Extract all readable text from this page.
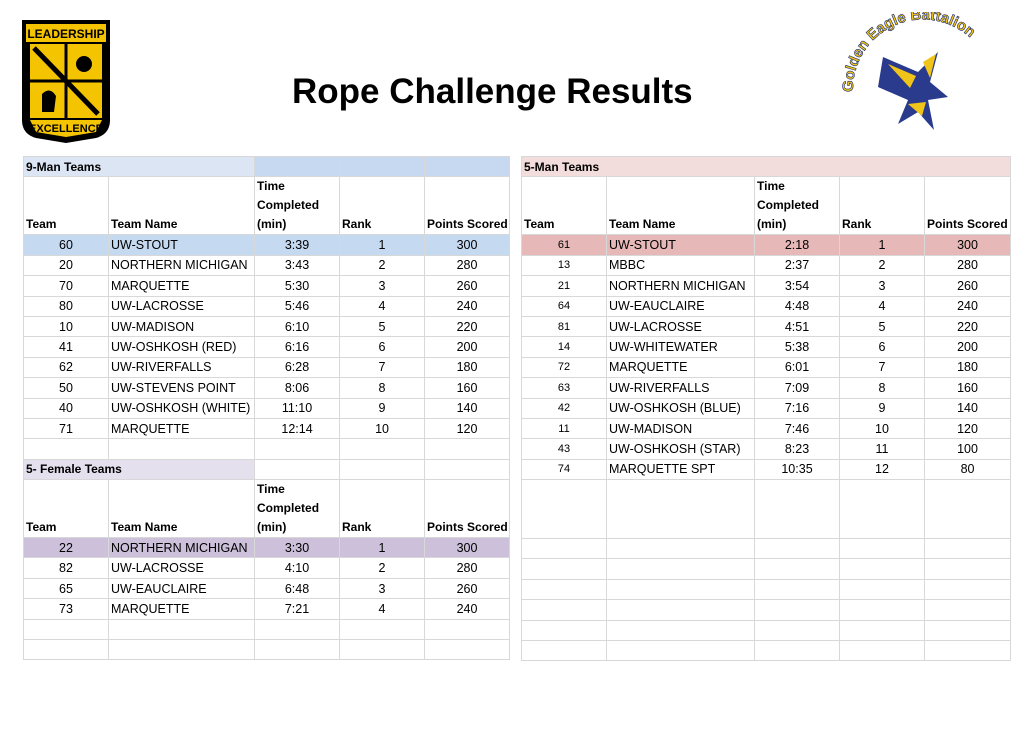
LEADERSHIP
EXCELLENCE
Golden Eagle Battalion
Rope Challenge Results
9-Man Teams				
Team	Team Name	Time
Completed
(min)	Rank	Points Scored
60	UW-STOUT	3:39	1	300
20	NORTHERN MICHIGAN	3:43	2	280
70	MARQUETTE	5:30	3	260
80	UW-LACROSSE	5:46	4	240
10	UW-MADISON	6:10	5	220
41	UW-OSHKOSH (RED)	6:16	6	200
62	UW-RIVERFALLS	6:28	7	180
50	UW-STEVENS POINT	8:06	8	160
40	UW-OSHKOSH (WHITE)	11:10	9	140
71	MARQUETTE	12:14	10	120

5- Female Teams				
Team	Team Name	Time
Completed
(min)	Rank	Points Scored
22	NORTHERN MICHIGAN	3:30	1	300
82	UW-LACROSSE	4:10	2	280
65	UW-EAUCLAIRE	6:48	3	260
73	MARQUETTE	7:21	4	240

5-Man Teams				
Team	Team Name	Time
Completed
(min)	Rank	Points Scored
61	UW-STOUT	2:18	1	300
13	MBBC	2:37	2	280
21	NORTHERN MICHIGAN	3:54	3	260
64	UW-EAUCLAIRE	4:48	4	240
81	UW-LACROSSE	4:51	5	220
14	UW-WHITEWATER	5:38	6	200
72	MARQUETTE	6:01	7	180
63	UW-RIVERFALLS	7:09	8	160
42	UW-OSHKOSH (BLUE)	7:16	9	140
11	UW-MADISON	7:46	10	120
43	UW-OSHKOSH (STAR)	8:23	11	100
74	MARQUETTE SPT	10:35	12	80
